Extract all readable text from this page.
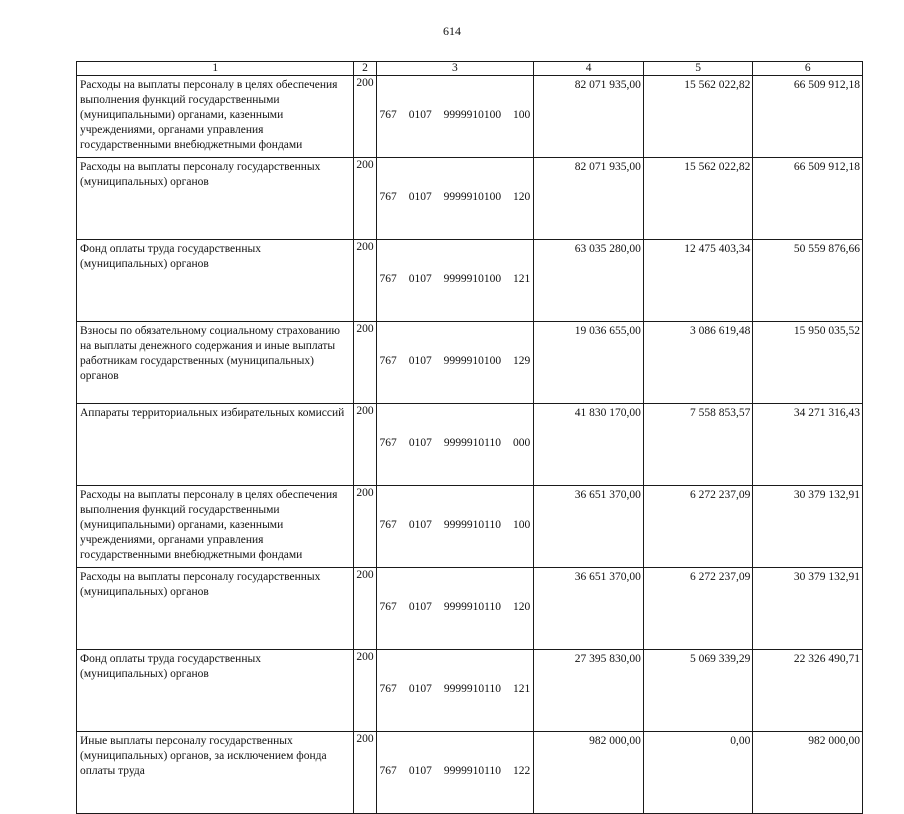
614
1	2	3	4	5	6
Расходы на выплаты персоналу в целях обеспечения выполнения функций государственными (муниципальными) органами, казенными учреждениями, органами управления государственными внебюджетными фондами	200	767 0107 9999910100 100	82 071 935,00	15 562 022,82	66 509 912,18
Расходы на выплаты персоналу государственных (муниципальных) органов	200	767 0107 9999910100 120	82 071 935,00	15 562 022,82	66 509 912,18
Фонд оплаты труда государственных (муниципальных) органов	200	767 0107 9999910100 121	63 035 280,00	12 475 403,34	50 559 876,66
Взносы по обязательному социальному страхованию на выплаты денежного содержания и иные выплаты работникам государственных (муниципальных) органов	200	767 0107 9999910100 129	19 036 655,00	3 086 619,48	15 950 035,52
Аппараты территориальных избирательных комиссий	200	767 0107 9999910110 000	41 830 170,00	7 558 853,57	34 271 316,43
Расходы на выплаты персоналу в целях обеспечения выполнения функций государственными (муниципальными) органами, казенными учреждениями, органами управления государственными внебюджетными фондами	200	767 0107 9999910110 100	36 651 370,00	6 272 237,09	30 379 132,91
Расходы на выплаты персоналу государственных (муниципальных) органов	200	767 0107 9999910110 120	36 651 370,00	6 272 237,09	30 379 132,91
Фонд оплаты труда государственных (муниципальных) органов	200	767 0107 9999910110 121	27 395 830,00	5 069 339,29	22 326 490,71
Иные выплаты персоналу государственных (муниципальных) органов, за исключением фонда оплаты труда	200	767 0107 9999910110 122	982 000,00	0,00	982 000,00
